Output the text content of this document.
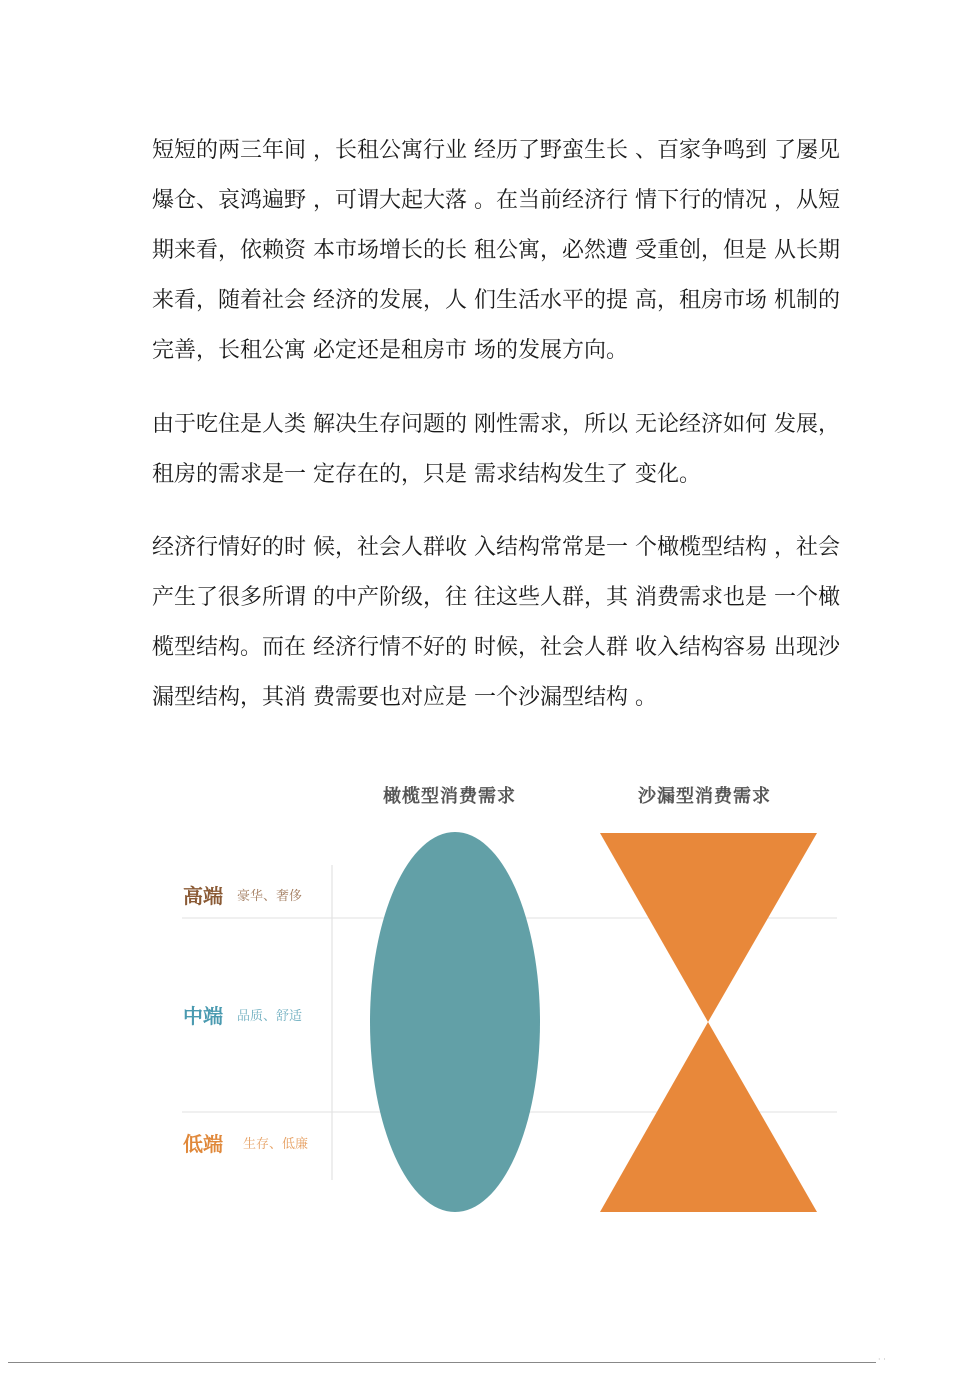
短短的两三年间 ，长租公寓行业 经历了野蛮生长 、百家争鸣到 了屡见
爆仓、哀鸿遍野 ，可谓大起大落 。在当前经济行 情下行的情况 ，从短
期来看，依赖资 本市场增长的长 租公寓，必然遭 受重创，但是 从长期
来看，随着社会 经济的发展，人 们生活水平的提 高，租房市场 机制的
完善，长租公寓 必定还是租房市 场的发展方向。
由于吃住是人类 解决生存问题的 刚性需求，所以 无论经济如何 发展，
租房的需求是一 定存在的，只是 需求结构发生了 变化。
经济行情好的时 候，社会人群收 入结构常常是一 个橄榄型结构 ，社会
产生了很多所谓 的中产阶级，往 往这些人群，其 消费需求也是 一个橄
榄型结构。而在 经济行情不好的 时候，社会人群 收入结构容易 出现沙
漏型结构，其消 费需要也对应是 一个沙漏型结构 。
橄榄型消费需求	沙漏型消费需求
高端 豪华、奢侈
中端 品质、舒适
低端 生存、低廉
· ·
